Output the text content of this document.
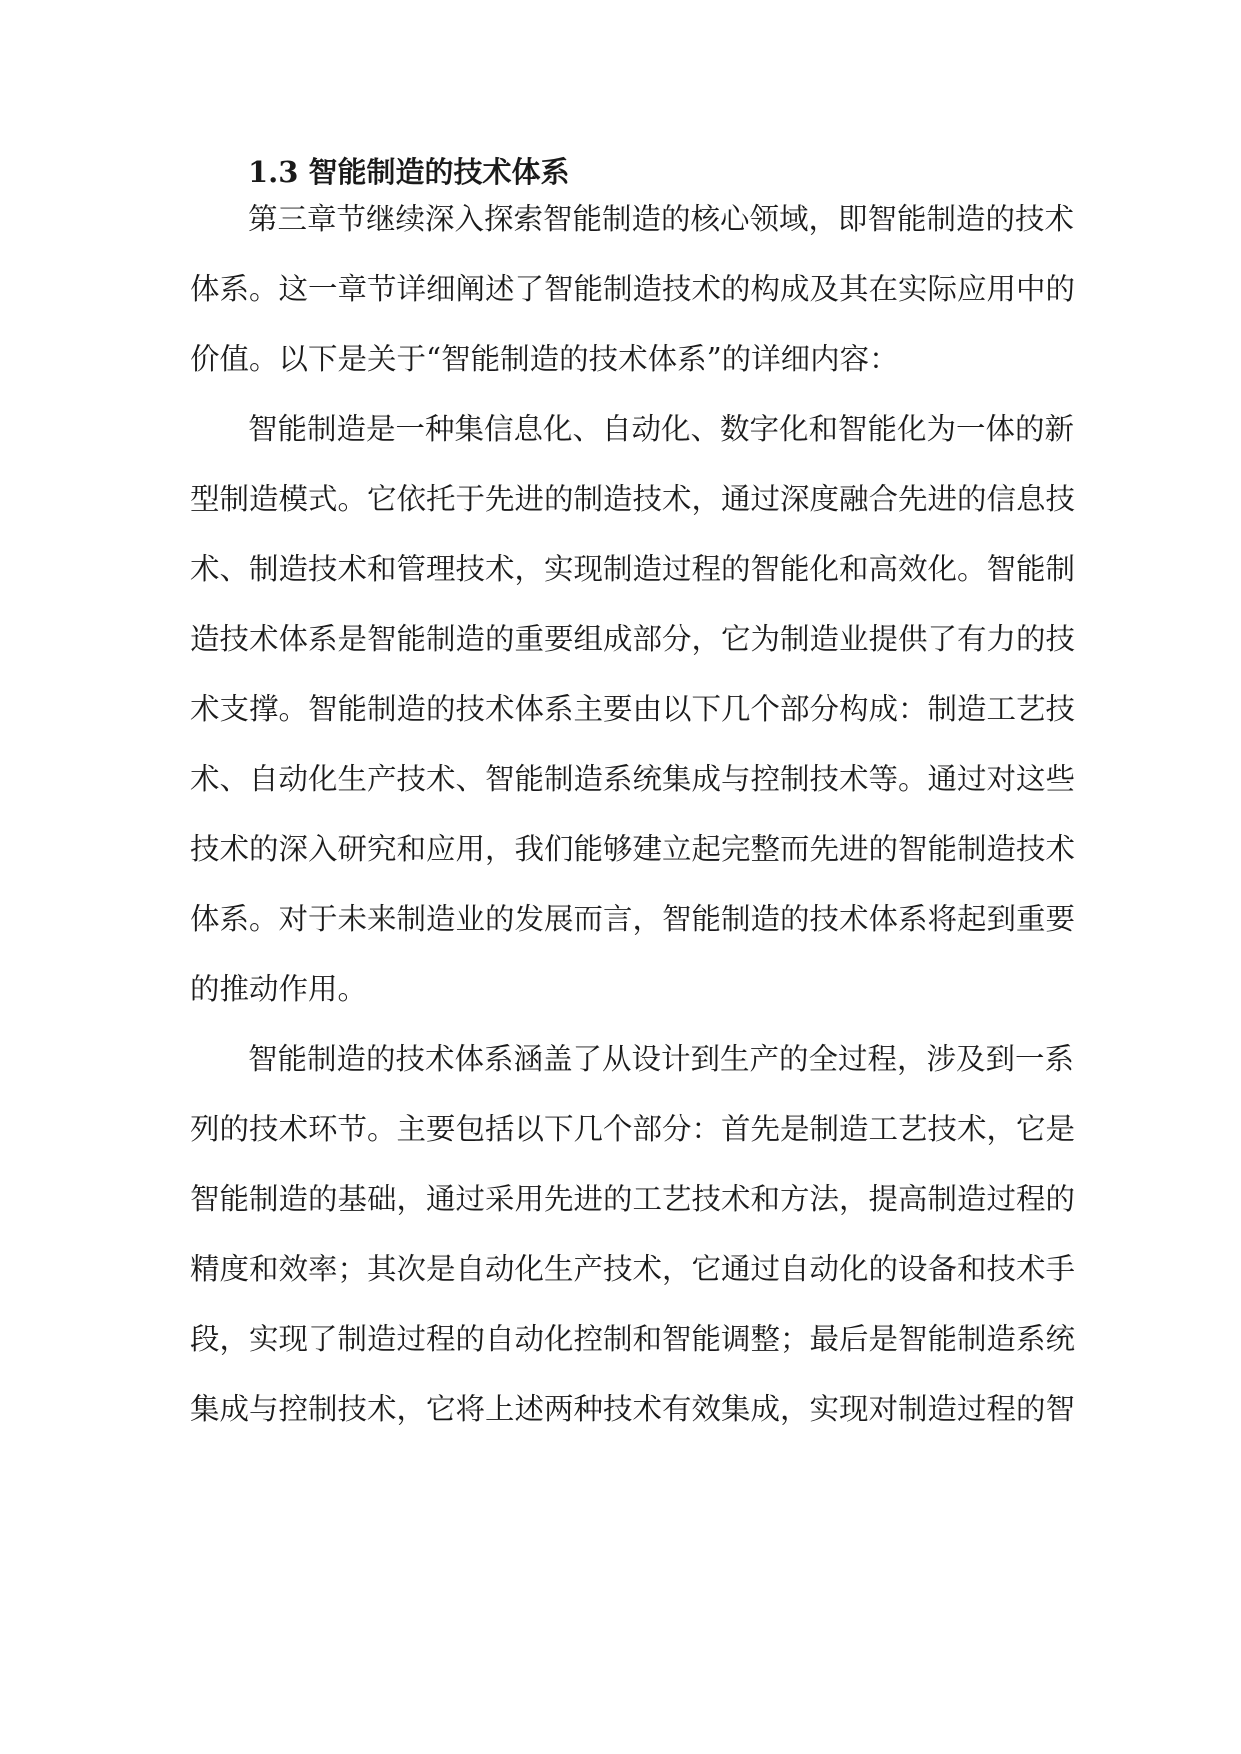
1.3 智能制造的技术体系
第三章节继续深入探索智能制造的核心领域，即智能制造的技术
体系。这一章节详细阐述了智能制造技术的构成及其在实际应用中的
价值。以下是关于“智能制造的技术体系”的详细内容：
智能制造是一种集信息化、自动化、数字化和智能化为一体的新
型制造模式。它依托于先进的制造技术，通过深度融合先进的信息技
术、制造技术和管理技术，实现制造过程的智能化和高效化。智能制
造技术体系是智能制造的重要组成部分，它为制造业提供了有力的技
术支撑。智能制造的技术体系主要由以下几个部分构成：制造工艺技
术、自动化生产技术、智能制造系统集成与控制技术等。通过对这些
技术的深入研究和应用，我们能够建立起完整而先进的智能制造技术
体系。对于未来制造业的发展而言，智能制造的技术体系将起到重要
的推动作用。
智能制造的技术体系涵盖了从设计到生产的全过程，涉及到一系
列的技术环节。主要包括以下几个部分：首先是制造工艺技术，它是
智能制造的基础，通过采用先进的工艺技术和方法，提高制造过程的
精度和效率；其次是自动化生产技术，它通过自动化的设备和技术手
段，实现了制造过程的自动化控制和智能调整；最后是智能制造系统
集成与控制技术，它将上述两种技术有效集成，实现对制造过程的智
